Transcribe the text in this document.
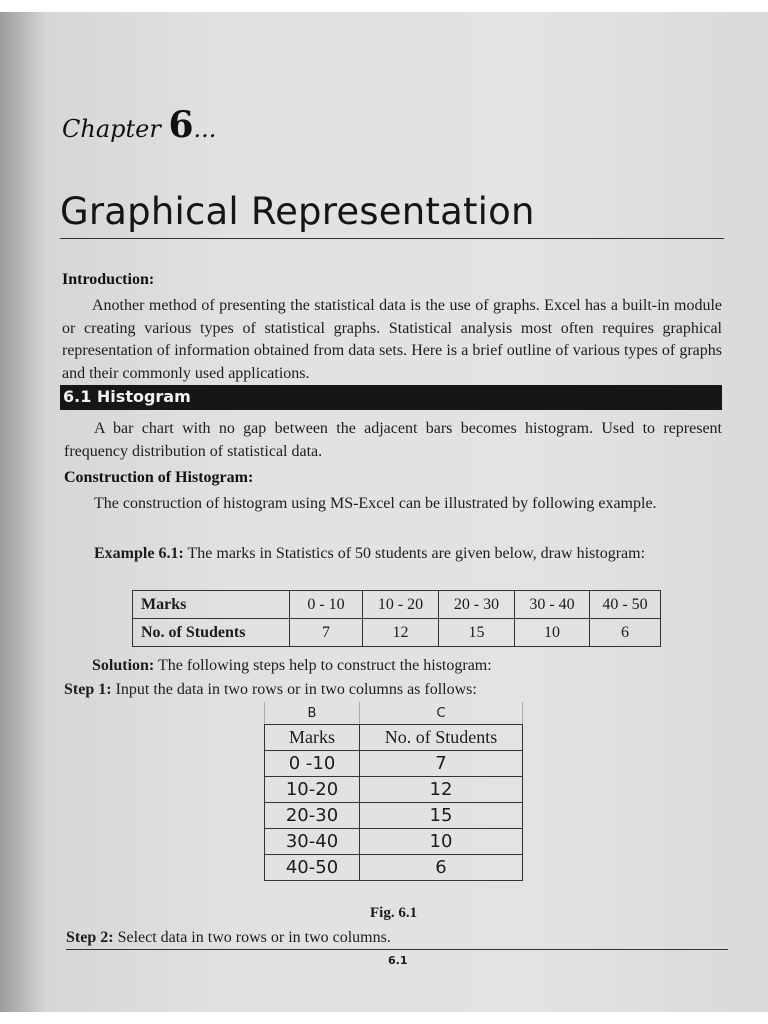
Chapter 6...
Graphical Representation
Introduction:
Another method of presenting the statistical data is the use of graphs. Excel has a built-in module or creating various types of statistical graphs. Statistical analysis most often requires graphical representation of information obtained from data sets. Here is a brief outline of various types of graphs and their commonly used applications.
6.1 Histogram
A bar chart with no gap between the adjacent bars becomes histogram. Used to represent frequency distribution of statistical data.
Construction of Histogram:
The construction of histogram using MS-Excel can be illustrated by following example.
Example 6.1: The marks in Statistics of 50 students are given below, draw histogram:
Marks	0 - 10	10 - 20	20 - 30	30 - 40	40 - 50
No. of Students	7	12	15	10	6
Solution: The following steps help to construct the histogram:
Step 1: Input the data in two rows or in two columns as follows:
B	C
Marks	No. of Students
0 -10	7
10-20	12
20-30	15
30-40	10
40-50	6
Fig. 6.1
Step 2: Select data in two rows or in two columns.
6.1
